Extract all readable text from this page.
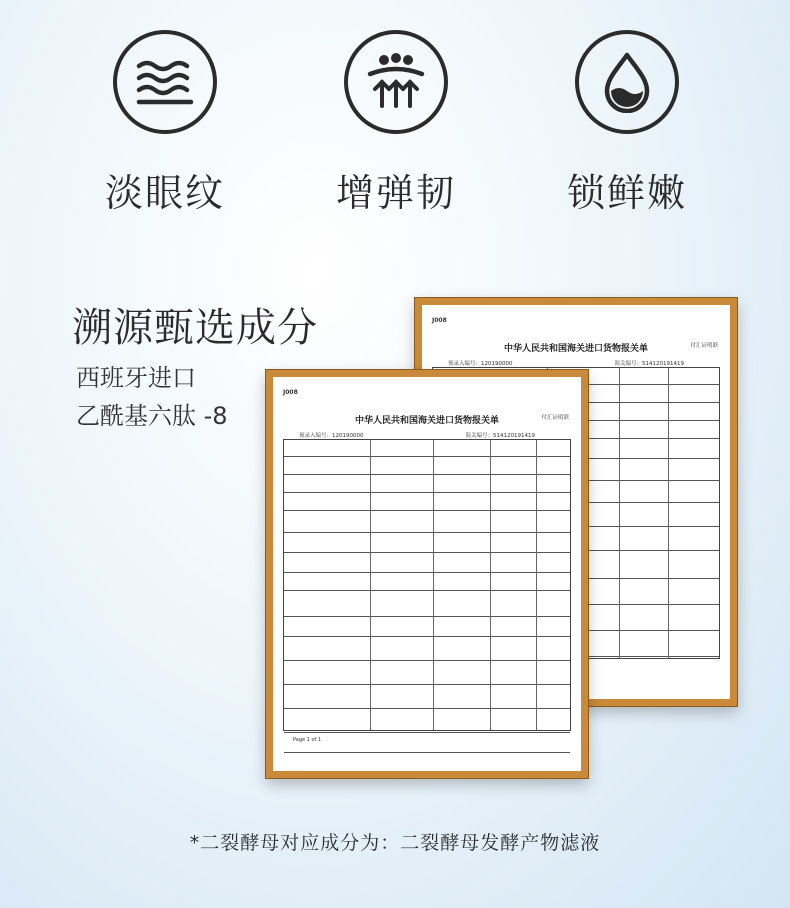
淡眼纹	增弹韧	锁鲜嫩
溯源甄选成分
西班牙进口
乙酰基六肽 -8
J008
中华人民共和国海关进口货物报关单	付汇证明联
预录入编号：120190000	海关编号：514120191419
J008
中华人民共和国海关进口货物报关单	付汇证明联
预录入编号：120190000	海关编号：514120191419
Page 1 of 1
*二裂酵母对应成分为：二裂酵母发酵产物滤液
